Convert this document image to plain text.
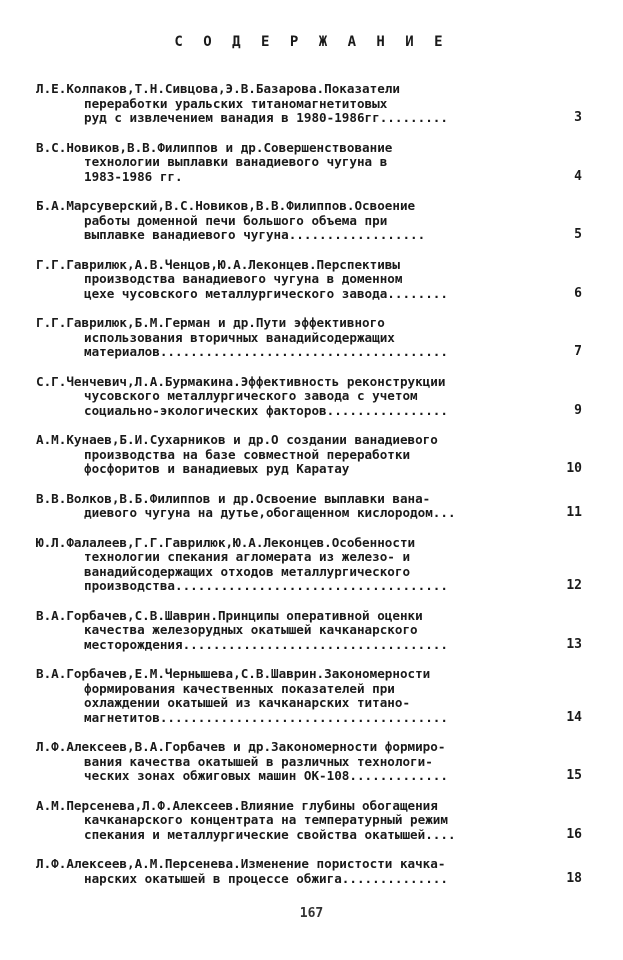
С О Д Е Р Ж А Н И Е
Л.Е.Колпаков,Т.Н.Сивцова,Э.В.Базарова.Показатели
переработки уральских титаномагнетитовых
руд с извлечением ванадия в 1980-1986гг.........	3
В.С.Новиков,В.В.Филиппов и др.Совершенствование
технологии выплавки ванадиевого чугуна в
1983-1986 гг.	4
Б.А.Марсуверский,В.С.Новиков,В.В.Филиппов.Освоение
работы доменной печи большого объема при
выплавке ванадиевого чугуна..................	5
Г.Г.Гаврилюк,А.В.Ченцов,Ю.А.Леконцев.Перспективы
производства ванадиевого чугуна в доменном
цехе чусовского металлургического завода........	6
Г.Г.Гаврилюк,Б.М.Герман и др.Пути эффективного
использования вторичных ванадийсодержащих
материалов......................................	7
С.Г.Ченчевич,Л.А.Бурмакина.Эффективность реконструкции
чусовского металлургического завода с учетом
социально-экологических факторов................	9
А.М.Кунаев,Б.И.Сухарников и др.О создании ванадиевого
производства на базе совместной переработки
фосфоритов и ванадиевых руд Каратау	10
В.В.Волков,В.Б.Филиппов и др.Освоение выплавки вана-
диевого чугуна на дутье,обогащенном кислородом...	11
Ю.Л.Фалалеев,Г.Г.Гаврилюк,Ю.А.Леконцев.Особенности
технологии спекания агломерата из железо- и
ванадийсодержащих отходов металлургического
производства....................................	12
В.А.Горбачев,С.В.Шаврин.Принципы оперативной оценки
качества железорудных окатышей качканарского
месторождения...................................	13
В.А.Горбачев,Е.М.Чернышева,С.В.Шаврин.Закономерности
формирования качественных показателей при
охлаждении окатышей из качканарских титано-
магнетитов......................................	14
Л.Ф.Алексеев,В.А.Горбачев и др.Закономерности формиро-
вания качества окатышей в различных технологи-
ческих зонах обжиговых машин ОК-108.............	15
А.М.Персенева,Л.Ф.Алексеев.Влияние глубины обогащения
качканарского концентрата на температурный режим
спекания и металлургические свойства окатышей....	16
Л.Ф.Алексеев,А.М.Персенева.Изменение пористости качка-
нарских окатышей в процессе обжига..............	18
167
